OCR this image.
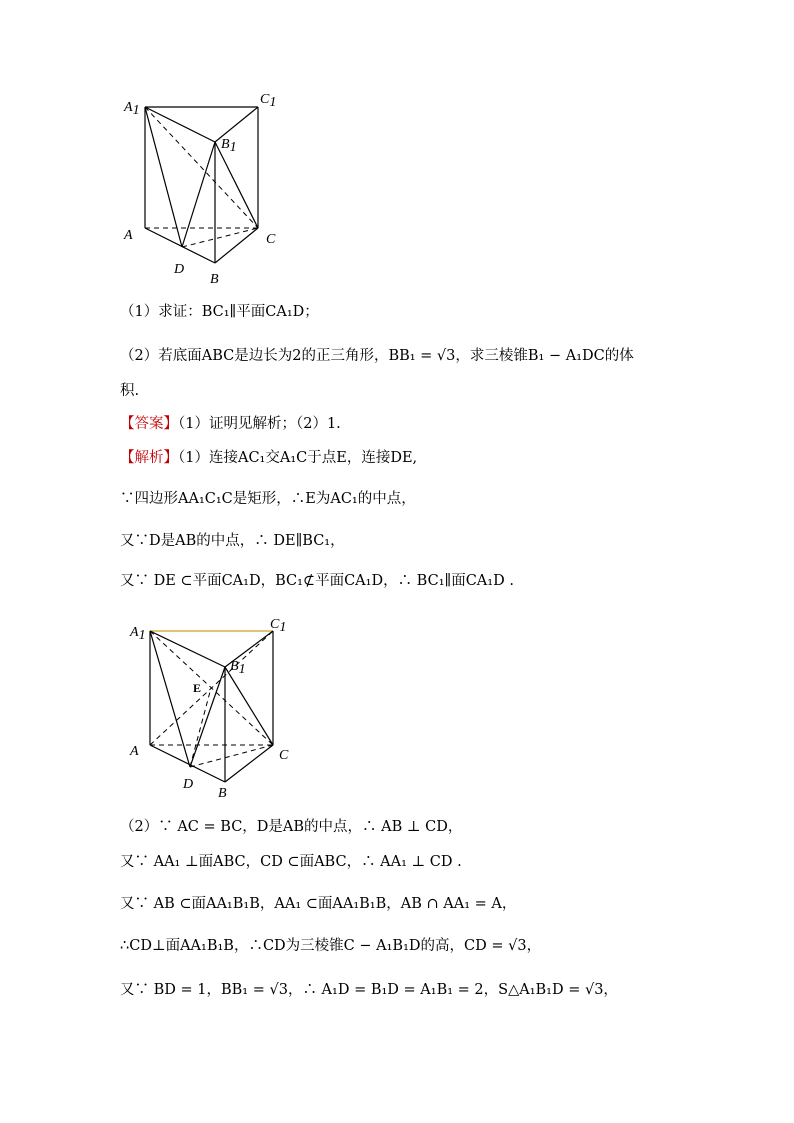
A1
C1
B1
A	C
D
B
（1）求证：BC₁∥平面CA₁D；
（2）若底面ABC是边长为2的正三角形，BB₁ = √3，求三棱锥B₁ − A₁DC的体
积.
【答案】（1）证明见解析；（2）1.
【解析】（1）连接AC₁交A₁C于点E，连接DE,
∵四边形AA₁C₁C是矩形，∴E为AC₁的中点，
又∵D是AB的中点，∴ DE∥BC₁，
又∵ DE ⊂平面CA₁D，BC₁⊄平面CA₁D，∴ BC₁∥面CA₁D .
A1
C1
B1
E
A	C
D
B
（2）∵ AC = BC，D是AB的中点，∴ AB ⊥ CD，
又∵ AA₁ ⊥面ABC，CD ⊂面ABC，∴ AA₁ ⊥ CD .
又∵ AB ⊂面AA₁B₁B，AA₁ ⊂面AA₁B₁B，AB ∩ AA₁ = A，
∴CD⊥面AA₁B₁B，∴CD为三棱锥C − A₁B₁D的高，CD = √3，
又∵ BD = 1，BB₁ = √3，∴ A₁D = B₁D = A₁B₁ = 2，S△A₁B₁D = √3，
